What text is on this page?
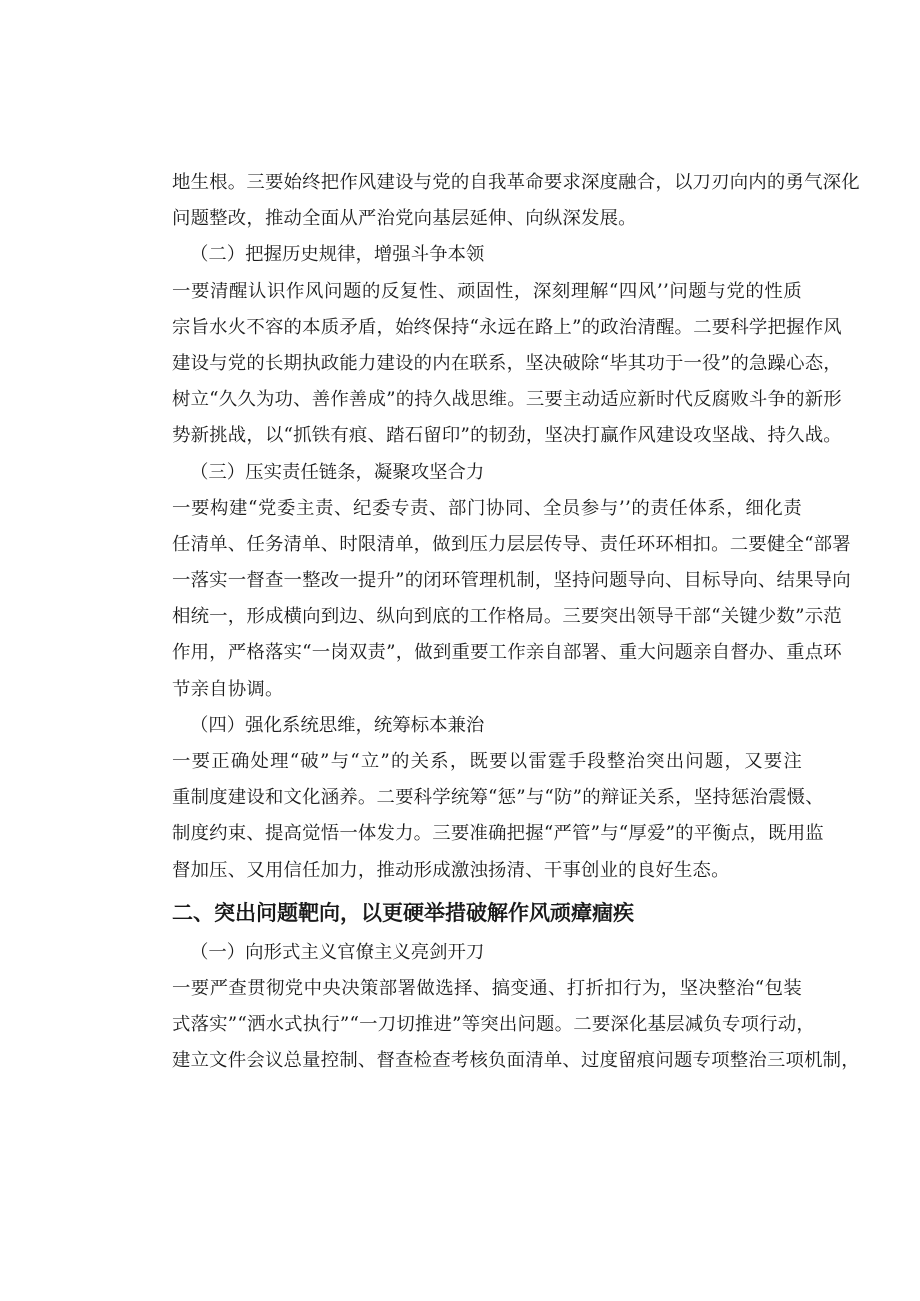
地生根。三要始终把作风建设与党的自我革命要求深度融合，以刀刃向内的勇气深化
问题整改，推动全面从严治党向基层延伸、向纵深发展。
（二）把握历史规律，增强斗争本领
一要清醒认识作风问题的反复性、顽固性，深刻理解“四风’’问题与党的性质
宗旨水火不容的本质矛盾，始终保持“永远在路上”的政治清醒。二要科学把握作风
建设与党的长期执政能力建设的内在联系，坚决破除“毕其功于一役”的急躁心态，
树立“久久为功、善作善成”的持久战思维。三要主动适应新时代反腐败斗争的新形
势新挑战，以“抓铁有痕、踏石留印”的韧劲，坚决打赢作风建设攻坚战、持久战。
（三）压实责任链条，凝聚攻坚合力
一要构建“党委主责、纪委专责、部门协同、全员参与’’的责任体系，细化责
任清单、任务清单、时限清单，做到压力层层传导、责任环环相扣。二要健全“部署
一落实一督查一整改一提升”的闭环管理机制，坚持问题导向、目标导向、结果导向
相统一，形成横向到边、纵向到底的工作格局。三要突出领导干部“关键少数”示范
作用，严格落实“一岗双责”，做到重要工作亲自部署、重大问题亲自督办、重点环
节亲自协调。
（四）强化系统思维，统筹标本兼治
一要正确处理“破”与“立”的关系，既要以雷霆手段整治突出问题，又要注
重制度建设和文化涵养。二要科学统筹“惩”与“防”的辩证关系，坚持惩治震慑、
制度约束、提高觉悟一体发力。三要准确把握“严管”与“厚爱”的平衡点，既用监
督加压、又用信任加力，推动形成激浊扬清、干事创业的良好生态。
二、突出问题靶向，以更硬举措破解作风顽瘴痼疾
（一）向形式主义官僚主义亮剑开刀
一要严查贯彻党中央决策部署做选择、搞变通、打折扣行为，坚决整治“包装
式落实”“洒水式执行”“一刀切推进”等突出问题。二要深化基层减负专项行动，
建立文件会议总量控制、督查检查考核负面清单、过度留痕问题专项整治三项机制，
